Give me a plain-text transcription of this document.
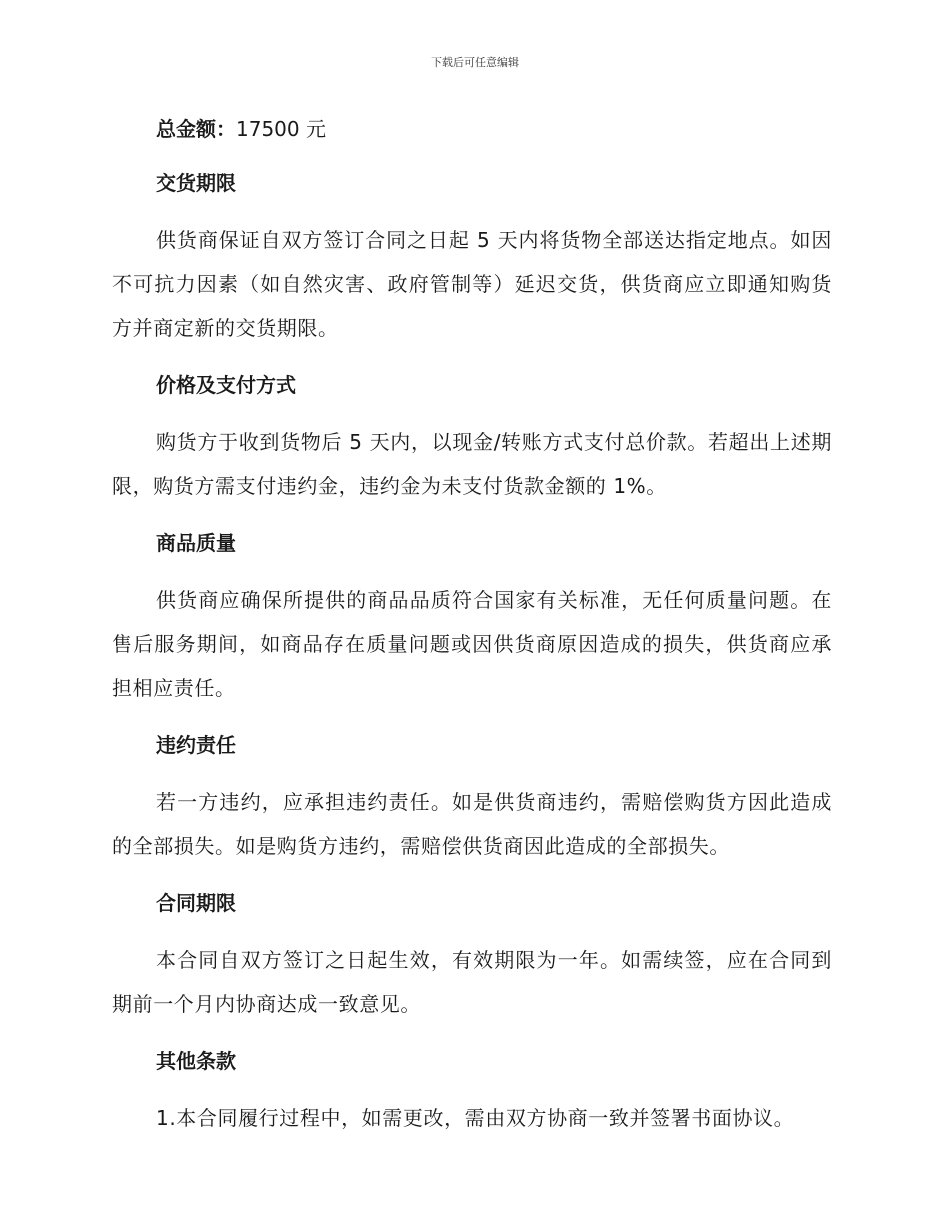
下载后可任意编辑

总金额：17500 元

交货期限

供货商保证自双方签订合同之日起 5 天内将货物全部送达指定地点。如因不可抗力因素（如自然灾害、政府管制等）延迟交货，供货商应立即通知购货方并商定新的交货期限。

价格及支付方式

购货方于收到货物后 5 天内，以现金/转账方式支付总价款。若超出上述期限，购货方需支付违约金，违约金为未支付货款金额的 1%。

商品质量

供货商应确保所提供的商品品质符合国家有关标准，无任何质量问题。在售后服务期间，如商品存在质量问题或因供货商原因造成的损失，供货商应承担相应责任。

违约责任

若一方违约，应承担违约责任。如是供货商违约，需赔偿购货方因此造成的全部损失。如是购货方违约，需赔偿供货商因此造成的全部损失。

合同期限

本合同自双方签订之日起生效，有效期限为一年。如需续签，应在合同到期前一个月内协商达成一致意见。

其他条款

1.本合同履行过程中，如需更改，需由双方协商一致并签署书面协议。
